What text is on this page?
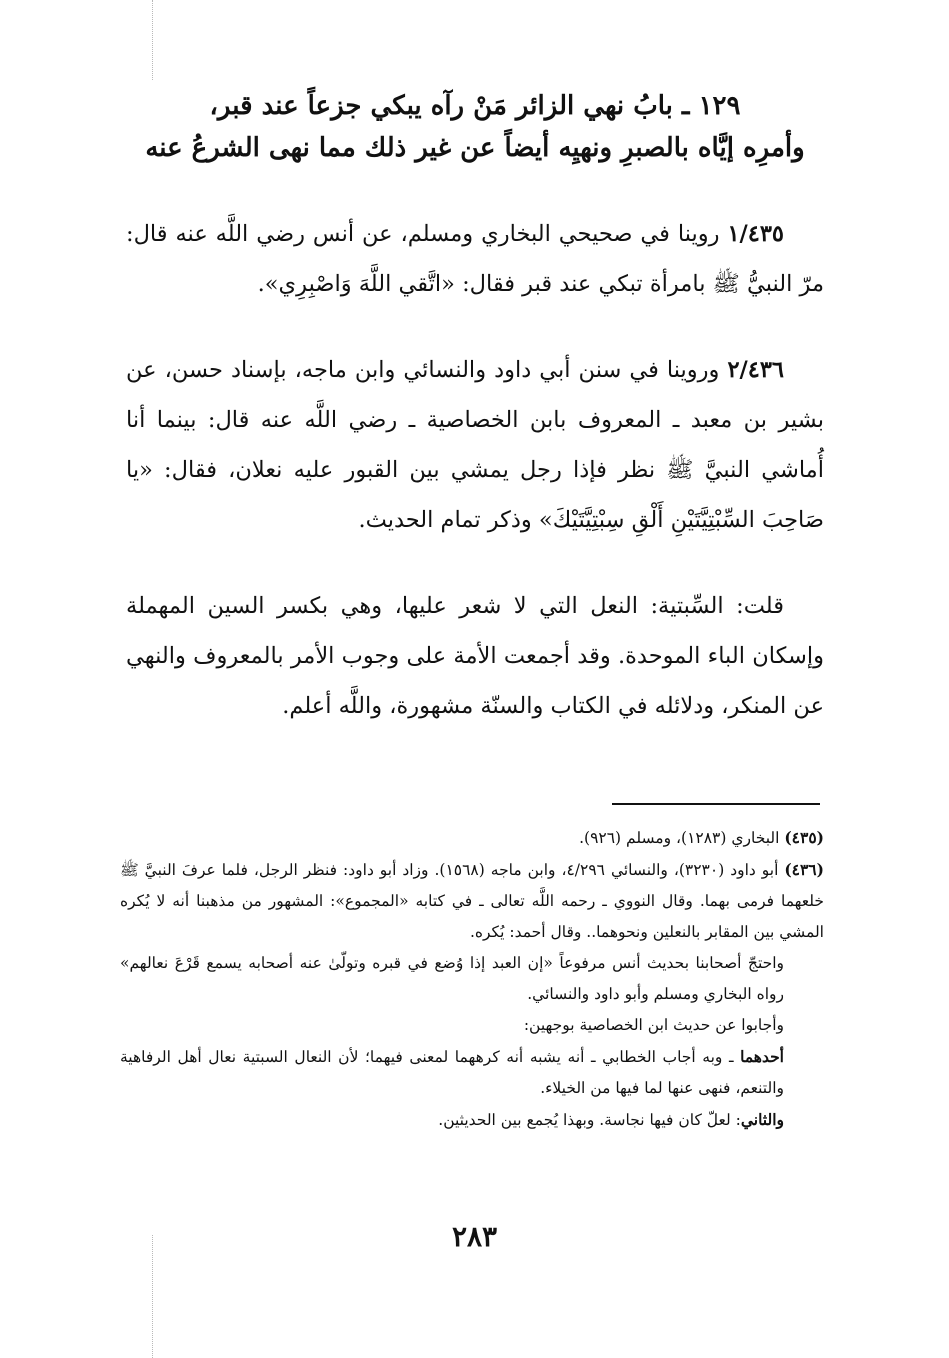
١٢٩ ـ بابُ نهي الزائر مَنْ رآه يبكي جزعاً عند قبر،
وأمرِه إيَّاه بالصبرِ ونهيِه أيضاً عن غير ذلك مما نهى الشرعُ عنه

١/٤٣٥ روينا في صحيحي البخاري ومسلم، عن أنس رضي اللَّه عنه قال: مرّ النبيُّ ﷺ بامرأة تبكي عند قبر فقال: «اتَّقي اللَّهَ وَاصْبِرِي».

٢/٤٣٦ وروينا في سنن أبي داود والنسائي وابن ماجه، بإسناد حسن، عن بشير بن معبد ـ المعروف بابن الخصاصية ـ رضي اللَّه عنه قال: بينما أنا أُماشي النبيَّ ﷺ نظر فإذا رجل يمشي بين القبور عليه نعلان، فقال: «يا صَاحِبَ السِّبْتِيَّتَيْنِ أَلْقِ سِبْتِيَّتَيْكَ» وذكر تمام الحديث.

قلت: السِّبتية: النعل التي لا شعر عليها، وهي بكسر السين المهملة وإسكان الباء الموحدة. وقد أجمعت الأمة على وجوب الأمر بالمعروف والنهي عن المنكر، ودلائله في الكتاب والسنّة مشهورة، واللَّه أعلم.

(٤٣٥) البخاري (١٢٨٣)، ومسلم (٩٢٦).

(٤٣٦) أبو داود (٣٢٣٠)، والنسائي ٤/٢٩٦، وابن ماجه (١٥٦٨). وزاد أبو داود: فنظر الرجل، فلما عرفَ النبيَّ ﷺ خلعهما فرمى بهما. وقال النووي ـ رحمه اللَّه تعالى ـ في كتابه «المجموع»: المشهور من مذهبنا أنه لا يُكره المشي بين المقابر بالنعلين ونحوهما.. وقال أحمد: يُكره.

واحتجّ أصحابنا بحديث أنس مرفوعاً «إن العبد إذا وُضع في قبره وتولّىٰ عنه أصحابه يسمع قَرْعَ نعالهم» رواه البخاري ومسلم وأبو داود والنسائي.

وأجابوا عن حديث ابن الخصاصية بوجهين:

أحدهما ـ وبه أجاب الخطابي ـ أنه يشبه أنه كرههما لمعنى فيهما؛ لأن النعال السبتية نعال أهل الرفاهية والتنعم، فنهى عنها لما فيها من الخيلاء.

والثاني: لعلّ كان فيها نجاسة. وبهذا يُجمع بين الحديثين.

٢٨٣
